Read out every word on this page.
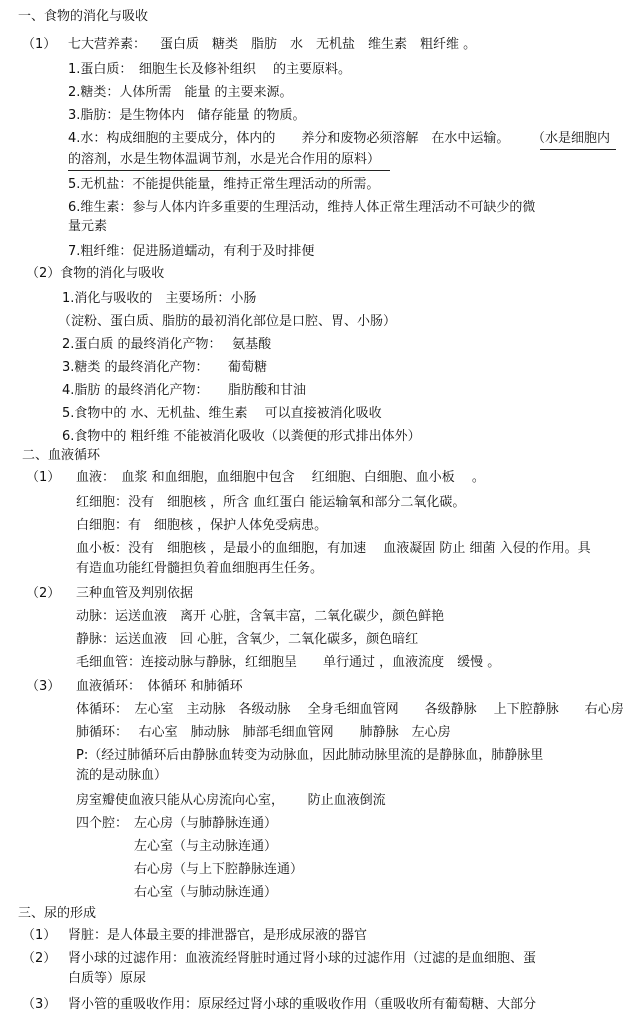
一、食物的消化与吸收
（1） 七大营养素： 蛋白质　糖类　脂肪　水　无机盐　维生素　粗纤维 。
1.蛋白质：　细胞生长及修补组织　 的主要原料。
2.糖类：人体所需　能量 的主要来源。
3.脂肪：是生物体内　储存能量 的物质。
4.水：构成细胞的主要成分，体内的　　养分和废物必须溶解　在水中运输。 （水是细胞内
的溶剂，水是生物体温调节剂，水是光合作用的原料）
5.无机盐：不能提供能量，维持正常生理活动的所需。
6.维生素：参与人体内许多重要的生理活动，维持人体正常生理活动不可缺少的微
量元素
7.粗纤维：促进肠道蠕动，有利于及时排便
（2）食物的消化与吸收
1.消化与吸收的　主要场所：小肠
（淀粉、蛋白质、脂肪的最初消化部位是口腔、胃、小肠）
2.蛋白质 的最终消化产物：　 氨基酸
3.糖类 的最终消化产物：　　葡萄糖
4.脂肪 的最终消化产物：　　脂肪酸和甘油
5.食物中的 水、无机盐、维生素　 可以直接被消化吸收
6.食物中的 粗纤维 不能被消化吸收（以粪便的形式排出体外）
二、血液循环
（1） 血液：　血浆 和血细胞，血细胞中包含　 红细胞、白细胞、血小板　 。
红细胞：没有　细胞核 ，所含 血红蛋白 能运输氧和部分二氧化碳。
白细胞：有　细胞核 ，保护人体免受病患。
血小板：没有　细胞核 ，是最小的血细胞，有加速　 血液凝固 防止 细菌 入侵的作用。具
有造血功能红骨髓担负着血细胞再生任务。
（2） 三种血管及判别依据
动脉：运送血液　离开 心脏，含氧丰富，二氧化碳少，颜色鲜艳
静脉：运送血液　回 心脏，含氧少，二氧化碳多，颜色暗红
毛细血管：连接动脉与静脉，红细胞呈　　单行通过 ，血液流度　缓慢 。
（3） 血液循环：　体循环 和肺循环
体循环：　左心室　主动脉　各级动脉　 全身毛细血管网　　各级静脉　 上下腔静脉　　右心房
肺循环：　 右心室　肺动脉　肺部毛细血管网　　肺静脉　左心房
P:（经过肺循环后由静脉血转变为动脉血，因此肺动脉里流的是静脉血，肺静脉里
流的是动脉血）
房室瓣使血液只能从心房流向心室，　　 防止血液倒流
四个腔： 左心房（与肺静脉连通）
左心室（与主动脉连通）
右心房（与上下腔静脉连通）
右心室（与肺动脉连通）
三、尿的形成
（1） 肾脏：是人体最主要的排泄器官，是形成尿液的器官
（2） 肾小球的过滤作用：血液流经肾脏时通过肾小球的过滤作用（过滤的是血细胞、蛋
白质等）原尿
（3） 肾小管的重吸收作用：原尿经过肾小球的重吸收作用（重吸收所有葡萄糖、大部分
